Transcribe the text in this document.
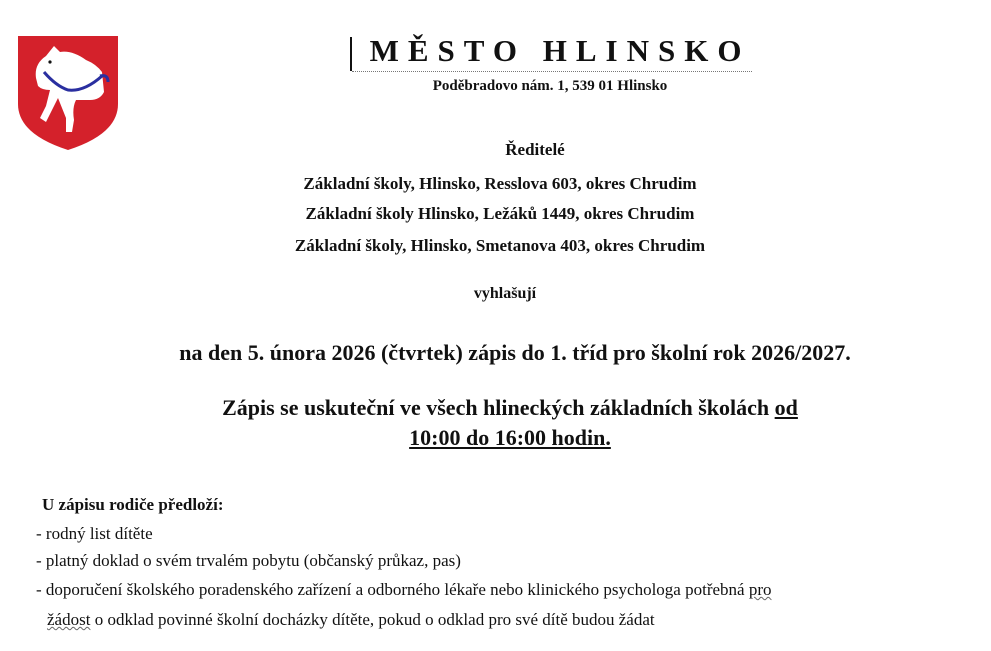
MĚSTO HLINSKO
Poděbradovo nám. 1, 539 01 Hlinsko
Ředitelé
Základní školy, Hlinsko, Resslova 603, okres Chrudim
Základní školy Hlinsko, Ležáků 1449, okres Chrudim
Základní školy, Hlinsko, Smetanova 403, okres Chrudim
vyhlašují
na den 5. února 2026 (čtvrtek) zápis do 1. tříd pro školní rok 2026/2027.
Zápis se uskuteční ve všech hlineckých základních školách od
10:00 do 16:00 hodin.
U zápisu rodiče předloží:
- rodný list dítěte
- platný doklad o svém trvalém pobytu (občanský průkaz, pas)
- doporučení školského poradenského zařízení a odborného lékaře nebo klinického psychologa potřebná pro
žádost o odklad povinné školní docházky dítěte, pokud o odklad pro své dítě budou žádat
